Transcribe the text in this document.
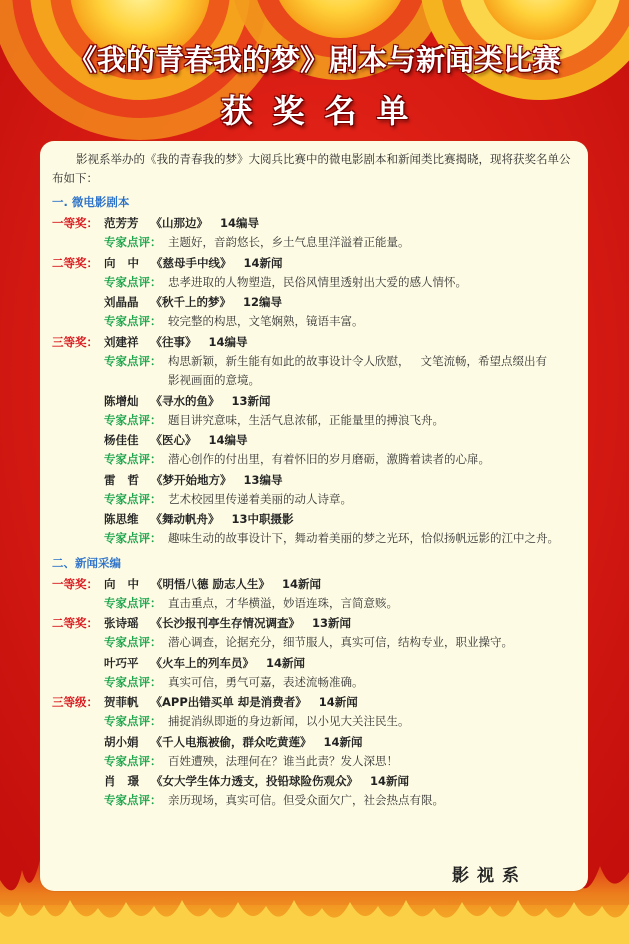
《我的青春我的梦》剧本与新闻类比赛
获奖名单

影视系举办的《我的青春我的梦》大阅兵比赛中的微电影剧本和新闻类比赛揭晓，现将获奖名单公布如下：

一. 微电影剧本
一等奖： 范芳芳   《山那边》   14编导
专家点评： 主题好，音韵悠长，乡土气息里洋溢着正能量。
二等奖： 向   中   《慈母手中线》   14新闻
专家点评： 忠孝进取的人物塑造，民俗风情里透射出大爱的感人情怀。
刘晶晶   《秋千上的梦》   12编导
专家点评： 较完整的构思，文笔娴熟，镜语丰富。
三等奖： 刘建祥   《往事》   14编导
专家点评： 构思新颖，新生能有如此的故事设计令人欣慰，   文笔流畅，希望点缀出有
影视画面的意境。
陈增灿   《寻水的鱼》   13新闻
专家点评： 题目讲究意味，生活气息浓郁，正能量里的搏浪飞舟。
杨佳佳   《医心》   14编导
专家点评： 潜心创作的付出里，有着怀旧的岁月磨砺，激腾着读者的心扉。
雷   哲   《梦开始地方》   13编导
专家点评： 艺术校园里传递着美丽的动人诗章。
陈思维   《舞动帆舟》   13中职摄影
专家点评： 趣味生动的故事设计下，舞动着美丽的梦之光环，恰似扬帆远影的江中之舟。
二、新闻采编
一等奖： 向   中   《明悟八德 励志人生》   14新闻
专家点评： 直击重点，才华横溢，妙语连珠，言简意赅。
二等奖： 张诗瑶   《长沙报刊亭生存情况调查》   13新闻
专家点评： 潜心调查，论据充分，细节服人，真实可信，结构专业，职业操守。
叶巧平   《火车上的列车员》   14新闻
专家点评： 真实可信，勇气可嘉，表述流畅准确。
三等级： 贺菲帆   《APP出错买单 却是消费者》   14新闻
专家点评： 捕捉消纵即逝的身边新闻，以小见大关注民生。
胡小娟   《千人电瓶被偷，群众吃黄莲》   14新闻
专家点评： 百姓遭殃，法理何在？谁当此责？发人深思！
肖   璟   《女大学生体力透支，投铅球险伤观众》   14新闻
专家点评： 亲历现场，真实可信。但受众面欠广，社会热点有限。
影视系
